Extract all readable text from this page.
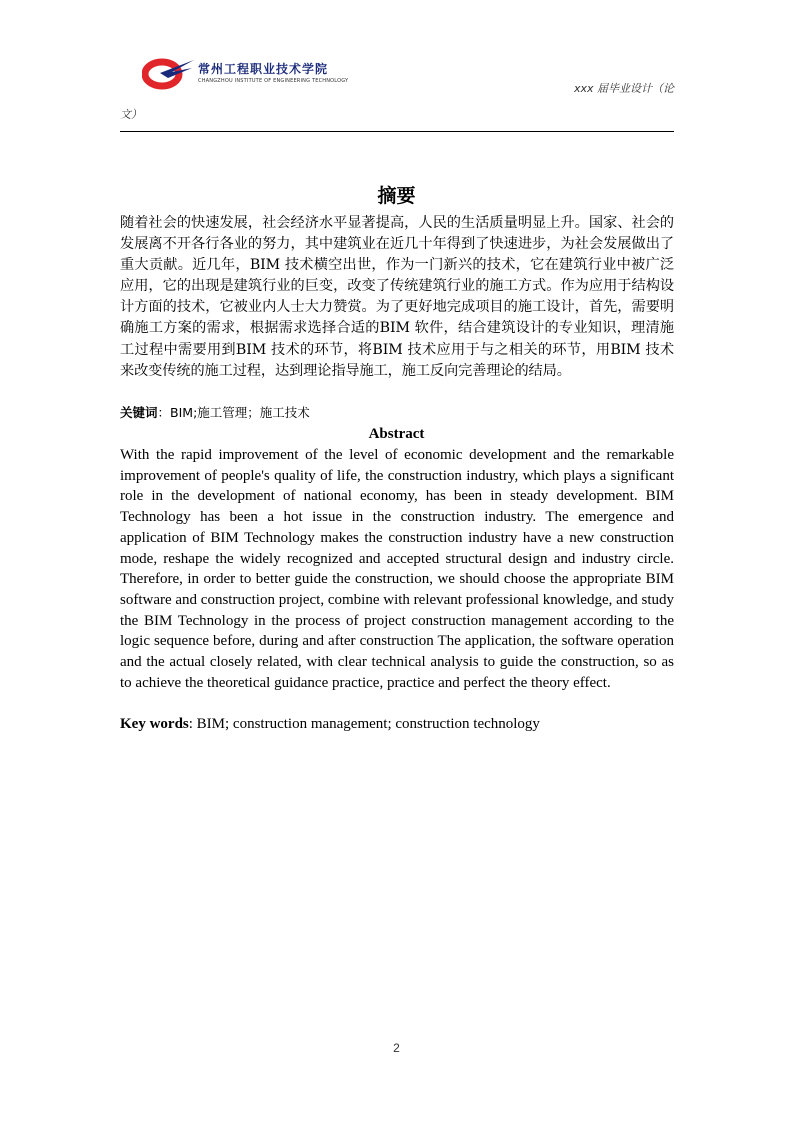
常州工程职业技术学院
CHANGZHOU INSTITUTE OF ENGINEERING TECHNOLOGY
xxx 届毕业设计（论
文）
摘要

随着社会的快速发展，社会经济水平显著提高，人民的生活质量明显上升。国家、社会的发展离不开各行各业的努力，其中建筑业在近几十年得到了快速进步，为社会发展做出了重大贡献。近几年，BIM 技术横空出世，作为一门新兴的技术，它在建筑行业中被广泛应用，它的出现是建筑行业的巨变，改变了传统建筑行业的施工方式。作为应用于结构设计方面的技术，它被业内人士大力赞赏。为了更好地完成项目的施工设计，首先，需要明确施工方案的需求，根据需求选择合适的BIM 软件，结合建筑设计的专业知识，理清施工过程中需要用到BIM 技术的环节，将BIM 技术应用于与之相关的环节，用BIM 技术来改变传统的施工过程，达到理论指导施工，施工反向完善理论的结局。

关键词：BIM;施工管理；施工技术
Abstract

With the rapid improvement of the level of economic development and the remarkable improvement of people's quality of life, the construction industry, which plays a significant role in the development of national economy, has been in steady development. BIM Technology has been a hot issue in the construction industry. The emergence and application of BIM Technology makes the construction industry have a new construction mode, reshape the widely recognized and accepted structural design and industry circle. Therefore, in order to better guide the construction, we should choose the appropriate BIM software and construction project, combine with relevant professional knowledge, and study the BIM Technology in the process of project construction management according to the logic sequence before, during and after construction The application, the software operation and the actual closely related, with clear technical analysis to guide the construction, so as to achieve the theoretical guidance practice, practice and perfect the theory effect.

Key words: BIM; construction management; construction technology
2
